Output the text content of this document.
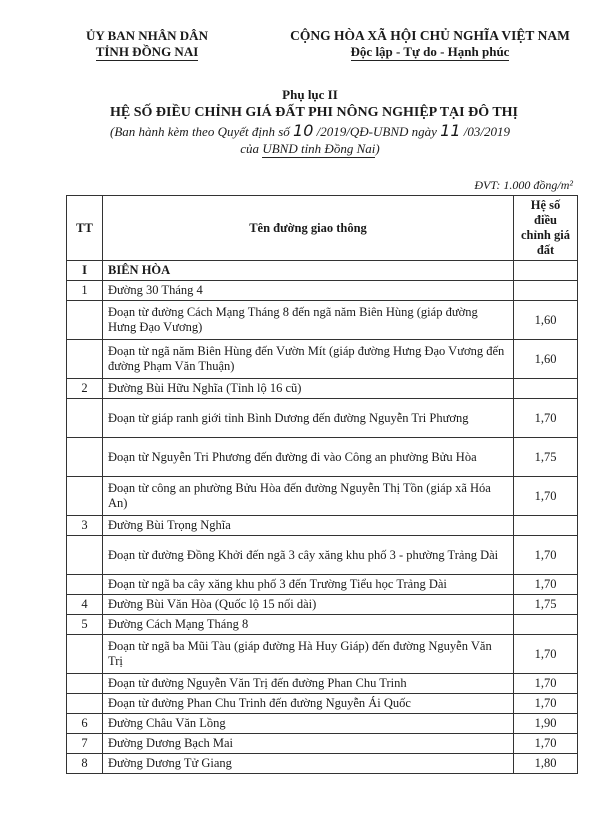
ỦY BAN NHÂN DÂN
TỈNH ĐỒNG NAI
CỘNG HÒA XÃ HỘI CHỦ NGHĨA VIỆT NAM
Độc lập - Tự do - Hạnh phúc
Phụ lục II
HỆ SỐ ĐIỀU CHỈNH GIÁ ĐẤT PHI NÔNG NGHIỆP TẠI ĐÔ THỊ
(Ban hành kèm theo Quyết định số 10 /2019/QĐ-UBND ngày 11 /03/2019
của UBND tỉnh Đồng Nai)
ĐVT: 1.000 đồng/m²
TT	Tên đường giao thông	Hệ số điều chỉnh giá đất
I	BIÊN HÒA	
1	Đường 30 Tháng 4	
	Đoạn từ đường Cách Mạng Tháng 8 đến ngã năm Biên Hùng (giáp đường Hưng Đạo Vương)	1,60
	Đoạn từ ngã năm Biên Hùng đến Vườn Mít (giáp đường Hưng Đạo Vương đến đường Phạm Văn Thuận)	1,60
2	Đường Bùi Hữu Nghĩa (Tỉnh lộ 16 cũ)	
	Đoạn từ giáp ranh giới tỉnh Bình Dương đến đường Nguyễn Tri Phương	1,70
	Đoạn từ Nguyễn Tri Phương đến đường đi vào Công an phường Bửu Hòa	1,75
	Đoạn từ công an phường Bửu Hòa đến đường Nguyễn Thị Tồn (giáp xã Hóa An)	1,70
3	Đường Bùi Trọng Nghĩa	
	Đoạn từ đường Đồng Khởi đến ngã 3 cây xăng khu phố 3 - phường Trảng Dài	1,70
	Đoạn từ ngã ba cây xăng khu phố 3 đến Trường Tiểu học Trảng Dài	1,70
4	Đường Bùi Văn Hòa (Quốc lộ 15 nối dài)	1,75
5	Đường Cách Mạng Tháng 8	
	Đoạn từ ngã ba Mũi Tàu (giáp đường Hà Huy Giáp) đến đường Nguyễn Văn Trị	1,70
	Đoạn từ đường Nguyễn Văn Trị đến đường Phan Chu Trinh	1,70
	Đoạn từ đường Phan Chu Trinh đến đường Nguyễn Ái Quốc	1,70
6	Đường Châu Văn Lồng	1,90
7	Đường Dương Bạch Mai	1,70
8	Đường Dương Tử Giang	1,80
